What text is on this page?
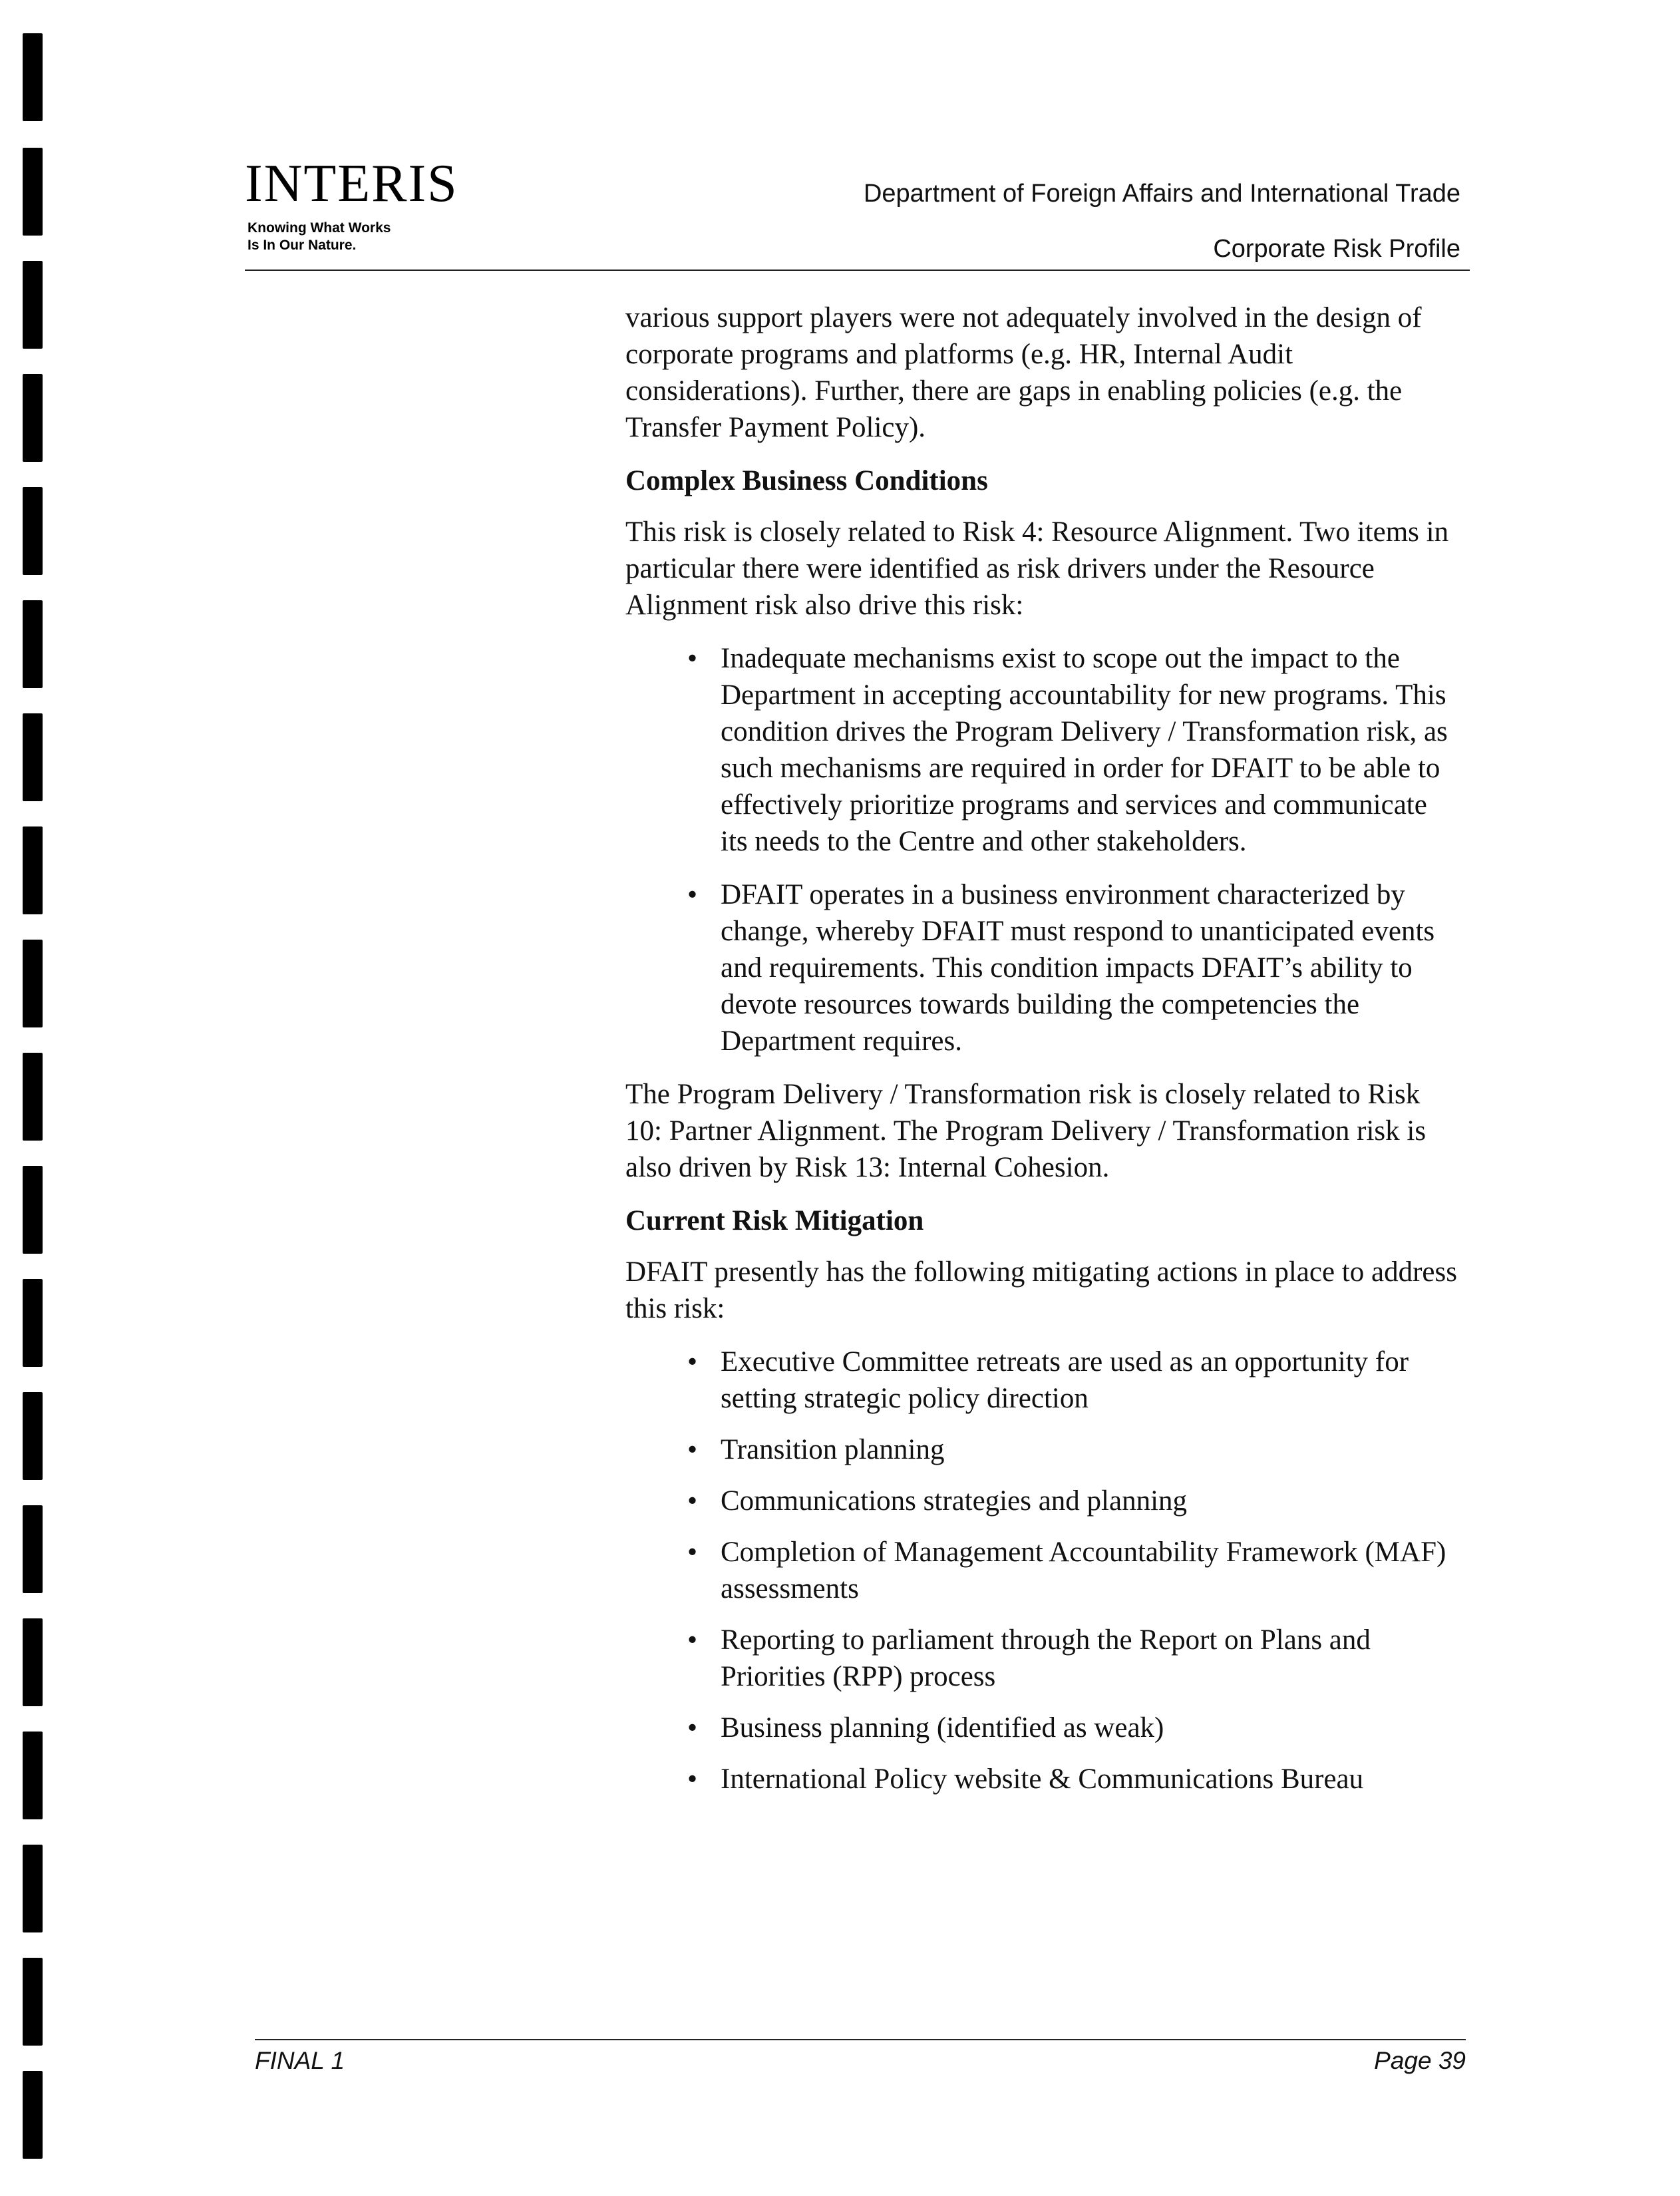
INTERIS
Knowing What Works
Is In Our Nature.
Department of Foreign Affairs and International Trade
Corporate Risk Profile

various support players were not adequately involved in the design of corporate programs and platforms (e.g. HR, Internal Audit considerations). Further, there are gaps in enabling policies (e.g. the Transfer Payment Policy).

Complex Business Conditions

This risk is closely related to Risk 4: Resource Alignment. Two items in particular there were identified as risk drivers under the Resource Alignment risk also drive this risk:

• Inadequate mechanisms exist to scope out the impact to the Department in accepting accountability for new programs. This condition drives the Program Delivery / Transformation risk, as such mechanisms are required in order for DFAIT to be able to effectively prioritize programs and services and communicate its needs to the Centre and other stakeholders.
• DFAIT operates in a business environment characterized by change, whereby DFAIT must respond to unanticipated events and requirements. This condition impacts DFAIT’s ability to devote resources towards building the competencies the Department requires.

The Program Delivery / Transformation risk is closely related to Risk 10: Partner Alignment. The Program Delivery / Transformation risk is also driven by Risk 13: Internal Cohesion.

Current Risk Mitigation

DFAIT presently has the following mitigating actions in place to address this risk:

• Executive Committee retreats are used as an opportunity for setting strategic policy direction
• Transition planning
• Communications strategies and planning
• Completion of Management Accountability Framework (MAF) assessments
• Reporting to parliament through the Report on Plans and Priorities (RPP) process
• Business planning (identified as weak)
• International Policy website & Communications Bureau
FINAL 1	Page 39
